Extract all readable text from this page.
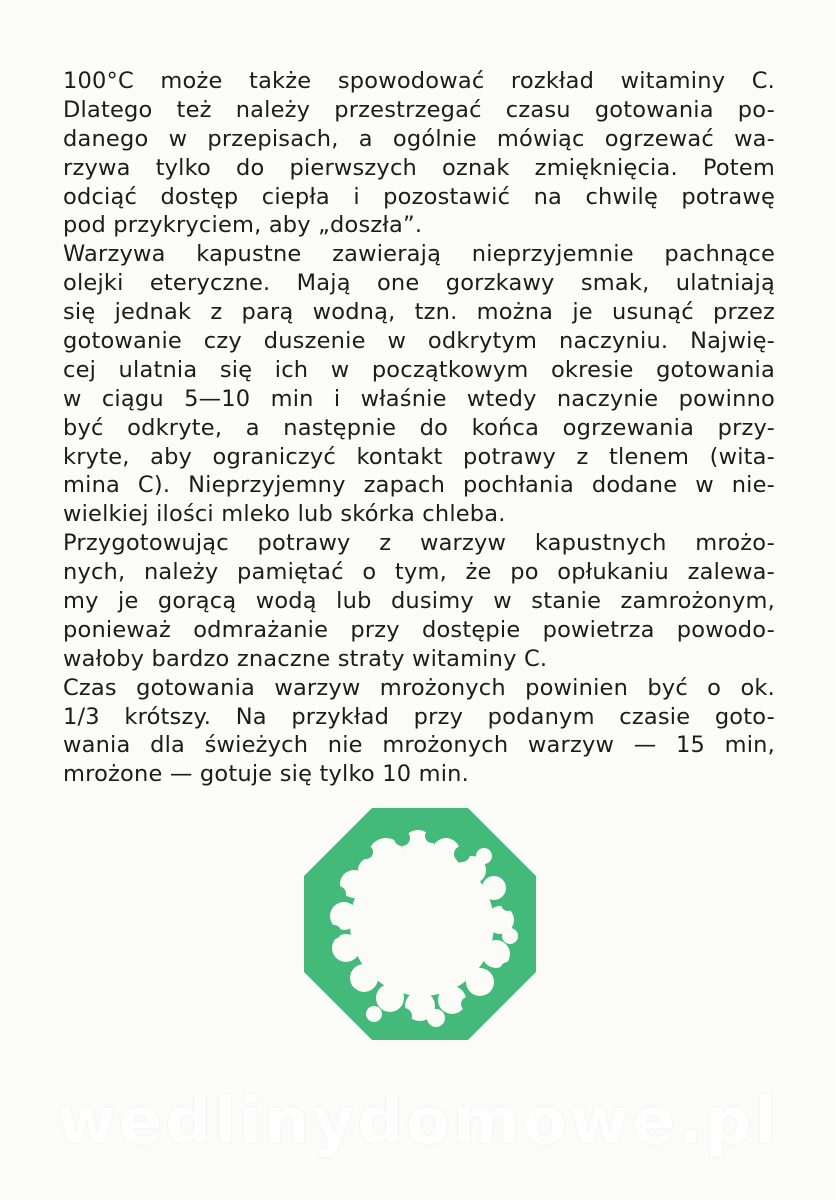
100°C może także spowodować rozkład witaminy C.
Dlatego też należy przestrzegać czasu gotowania po-
danego w przepisach, a ogólnie mówiąc ogrzewać wa-
rzywa tylko do pierwszych oznak zmięknięcia. Potem
odciąć dostęp ciepła i pozostawić na chwilę potrawę
pod przykryciem, aby „doszła”.
Warzywa kapustne zawierają nieprzyjemnie pachnące
olejki eteryczne. Mają one gorzkawy smak, ulatniają
się jednak z parą wodną, tzn. można je usunąć przez
gotowanie czy duszenie w odkrytym naczyniu. Najwię-
cej ulatnia się ich w początkowym okresie gotowania
w ciągu 5—10 min i właśnie wtedy naczynie powinno
być odkryte, a następnie do końca ogrzewania przy-
kryte, aby ograniczyć kontakt potrawy z tlenem (wita-
mina C). Nieprzyjemny zapach pochłania dodane w nie-
wielkiej ilości mleko lub skórka chleba.
Przygotowując potrawy z warzyw kapustnych mrożo-
nych, należy pamiętać o tym, że po opłukaniu zalewa-
my je gorącą wodą lub dusimy w stanie zamrożonym,
ponieważ odmrażanie przy dostępie powietrza powodo-
wałoby bardzo znaczne straty witaminy C.
Czas gotowania warzyw mrożonych powinien być o ok.
1/3 krótszy. Na przykład przy podanym czasie goto-
wania dla świeżych nie mrożonych warzyw — 15 min,
mrożone — gotuje się tylko 10 min.
wedlinydomowe.pl
